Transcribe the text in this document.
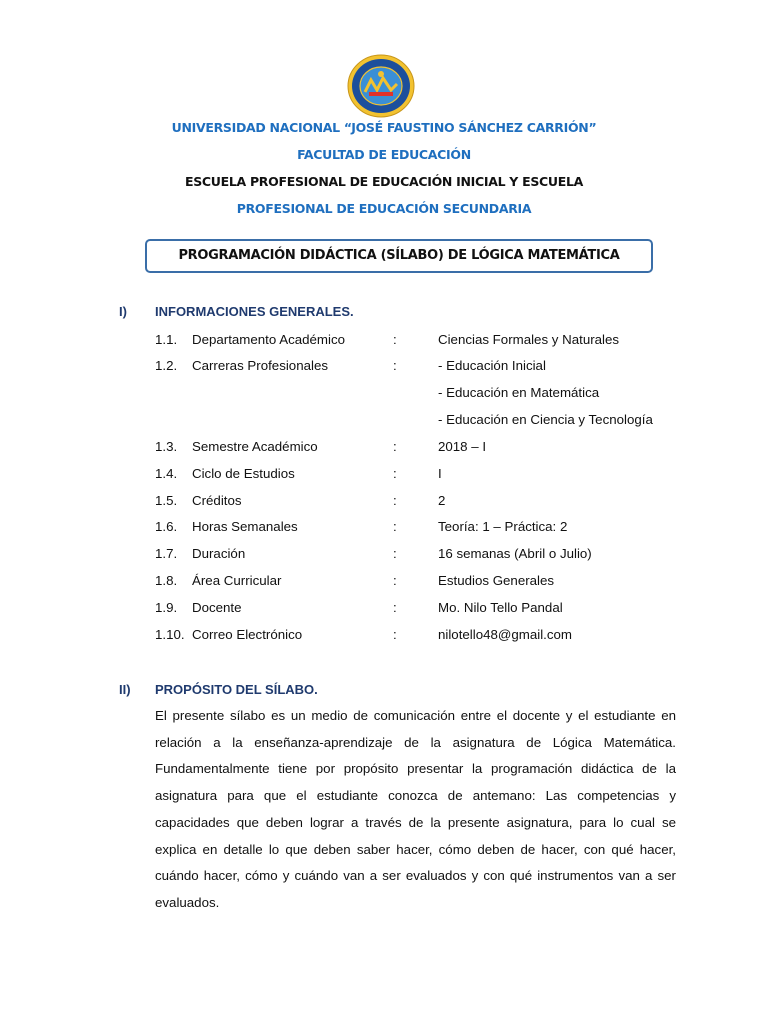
UNIVERSIDAD NACIONAL “JOSÉ FAUSTINO SÁNCHEZ CARRIÓN”
FACULTAD DE EDUCACIÓN
ESCUELA PROFESIONAL DE EDUCACIÓN INICIAL Y ESCUELA
PROFESIONAL DE EDUCACIÓN SECUNDARIA
PROGRAMACIÓN DIDÁCTICA (SÍLABO) DE LÓGICA MATEMÁTICA
I) INFORMACIONES GENERALES.
1.1. Departamento Académico	:	Ciencias Formales y Naturales
1.2. Carreras Profesionales	:	- Educación Inicial
- Educación en Matemática
- Educación en Ciencia y Tecnología
1.3. Semestre Académico	:	2018 – I
1.4. Ciclo de Estudios	:	I
1.5. Créditos	:	2
1.6. Horas Semanales	:	Teoría: 1 – Práctica: 2
1.7. Duración	:	16 semanas (Abril o Julio)
1.8. Área Curricular	:	Estudios Generales
1.9. Docente	:	Mo. Nilo Tello Pandal
1.10. Correo Electrónico	:	nilotello48@gmail.com
II) PROPÓSITO DEL SÍLABO.
El presente sílabo es un medio de comunicación entre el docente y el estudiante en relación a la enseñanza-aprendizaje de la asignatura de Lógica Matemática. Fundamentalmente tiene por propósito presentar la programación didáctica de la asignatura para que el estudiante conozca de antemano: Las competencias y capacidades que deben lograr a través de la presente asignatura, para lo cual se explica en detalle lo que deben saber hacer, cómo deben de hacer, con qué hacer, cuándo hacer, cómo y cuándo van a ser evaluados y con qué instrumentos van a ser evaluados.
